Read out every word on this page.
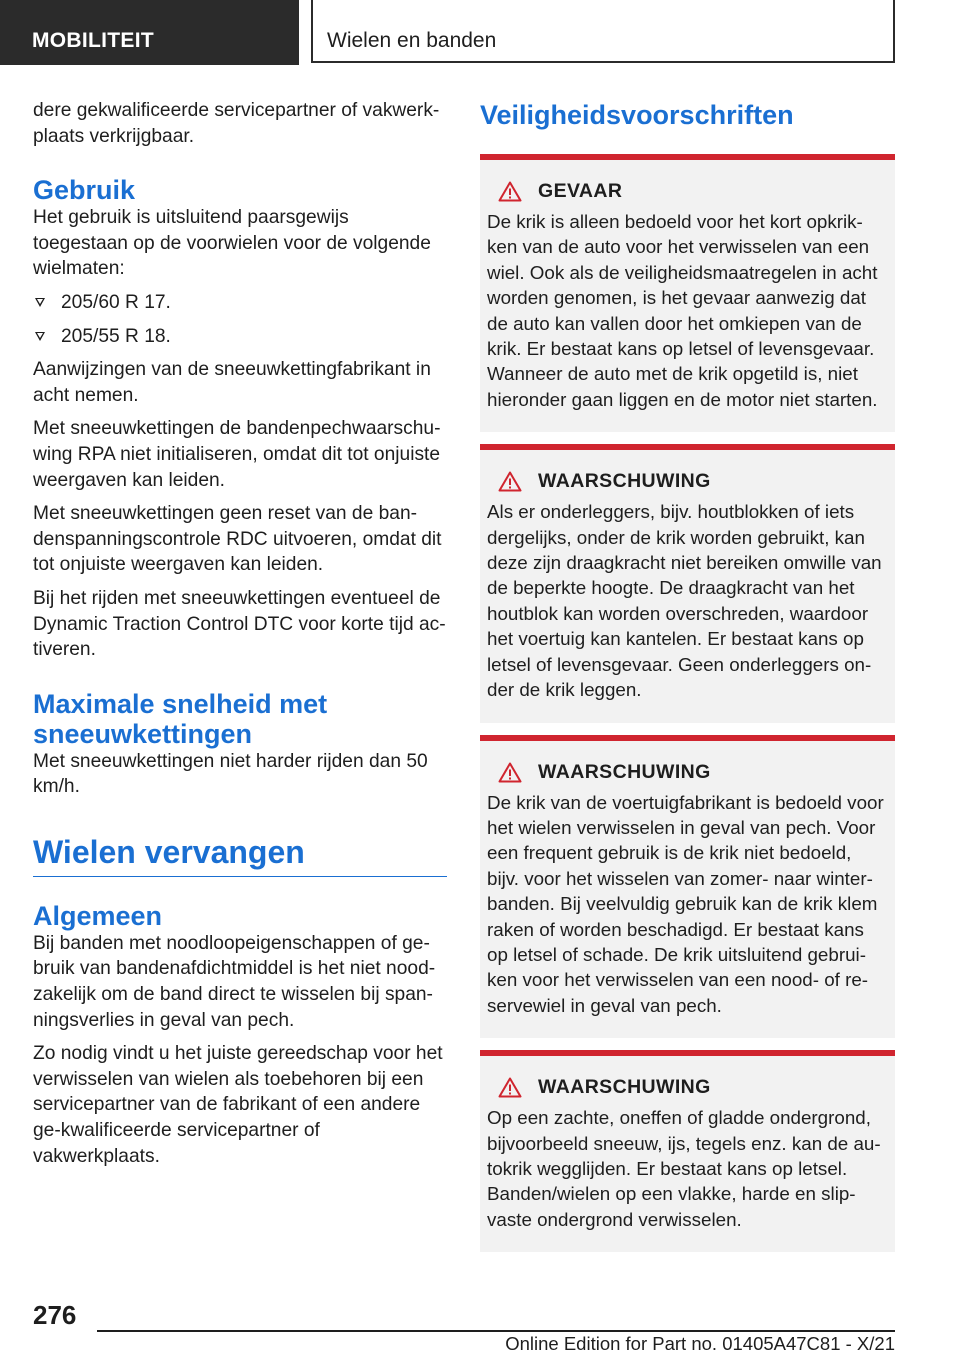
MOBILITEIT	Wielen en banden

dere gekwalificeerde servicepartner of vakwerk-plaats verkrijgbaar.

Gebruik

Het gebruik is uitsluitend paarsgewijs toegestaan op de voorwielen voor de volgende wielmaten:

205/60 R 17.
205/55 R 18.

Aanwijzingen van de sneeuwkettingfabrikant in acht nemen.

Met sneeuwkettingen de bandenpechwaarschu-wing RPA niet initialiseren, omdat dit tot onjuiste weergaven kan leiden.

Met sneeuwkettingen geen reset van de ban-denspanningscontrole RDC uitvoeren, omdat dit tot onjuiste weergaven kan leiden.

Bij het rijden met sneeuwkettingen eventueel de Dynamic Traction Control DTC voor korte tijd ac-tiveren.

Maximale snelheid met sneeuwkettingen

Met sneeuwkettingen niet harder rijden dan 50 km/h.

Wielen vervangen
Algemeen

Bij banden met noodloopeigenschappen of ge-bruik van bandenafdichtmiddel is het niet nood-zakelijk om de band direct te wisselen bij span-ningsverlies in geval van pech.

Zo nodig vindt u het juiste gereedschap voor het verwisselen van wielen als toebehoren bij een servicepartner van de fabrikant of een andere ge-kwalificeerde servicepartner of vakwerkplaats.

Veiligheidsvoorschriften
GEVAAR

De krik is alleen bedoeld voor het kort opkrik-ken van de auto voor het verwisselen van een wiel. Ook als de veiligheidsmaatregelen in acht worden genomen, is het gevaar aanwezig dat de auto kan vallen door het omkiepen van de krik. Er bestaat kans op letsel of levensgevaar. Wanneer de auto met de krik opgetild is, niet hieronder gaan liggen en de motor niet starten.

WAARSCHUWING

Als er onderleggers, bijv. houtblokken of iets dergelijks, onder de krik worden gebruikt, kan deze zijn draagkracht niet bereiken omwille van de beperkte hoogte. De draagkracht van het houtblok kan worden overschreden, waardoor het voertuig kan kantelen. Er bestaat kans op letsel of levensgevaar. Geen onderleggers on-der de krik leggen.

WAARSCHUWING

De krik van de voertuigfabrikant is bedoeld voor het wielen verwisselen in geval van pech. Voor een frequent gebruik is de krik niet bedoeld, bijv. voor het wisselen van zomer- naar winter-banden. Bij veelvuldig gebruik kan de krik klem raken of worden beschadigd. Er bestaat kans op letsel of schade. De krik uitsluitend gebrui-ken voor het verwisselen van een nood- of re-servewiel in geval van pech.

WAARSCHUWING

Op een zachte, oneffen of gladde ondergrond, bijvoorbeeld sneeuw, ijs, tegels enz. kan de au-tokrik wegglijden. Er bestaat kans op letsel. Banden/wielen op een vlakke, harde en slip-vaste ondergrond verwisselen.

276
Online Edition for Part no. 01405A47C81 - X/21
